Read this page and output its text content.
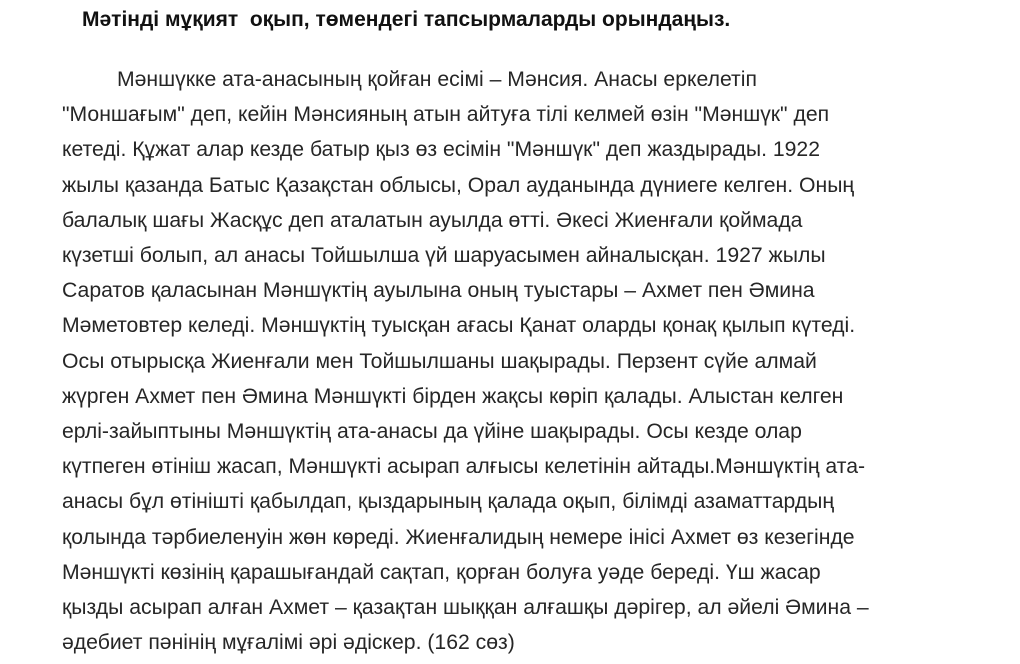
Мәтінді мұқият  оқып, төмендегі тапсырмаларды орындаңыз.
Мәншүкке ата-анасының қойған есімі – Мәнсия. Анасы еркелетіп
"Моншағым" деп, кейін Мәнсияның атын айтуға тілі келмей өзін "Мәншүк" деп
кетеді. Құжат алар кезде батыр қыз өз есімін "Мәншүк" деп жаздырады. 1922
жылы қазанда Батыс Қазақстан облысы, Орал ауданында дүниеге келген. Оның
балалық шағы Жасқұс деп аталатын ауылда өтті. Әкесі Жиенғали қоймада
күзетші болып, ал анасы Тойшылша үй шаруасымен айналысқан. 1927 жылы
Саратов қаласынан Мәншүктің ауылына оның туыстары – Ахмет пен Әмина
Мәметовтер келеді. Мәншүктің туысқан ағасы Қанат оларды қонақ қылып күтеді.
Осы отырысқа Жиенғали мен Тойшылшаны шақырады. Перзент сүйе алмай
жүрген Ахмет пен Әмина Мәншүкті бірден жақсы көріп қалады. Алыстан келген
ерлі-зайыптыны Мәншүктің ата-анасы да үйіне шақырады. Осы кезде олар
күтпеген өтініш жасап, Мәншүкті асырап алғысы келетінін айтады.Мәншүктің ата-
анасы бұл өтінішті қабылдап, қыздарының қалада оқып, білімді азаматтардың
қолында тәрбиеленуін жөн көреді. Жиенғалидың немере інісі Ахмет өз кезегінде
Мәншүкті көзінің қарашығандай сақтап, қорған болуға уәде береді. Үш жасар
қызды асырап алған Ахмет – қазақтан шыққан алғашқы дәрігер, ал әйелі Әмина –
әдебиет пәнінің мұғалімі әрі әдіскер. (162 сөз)
